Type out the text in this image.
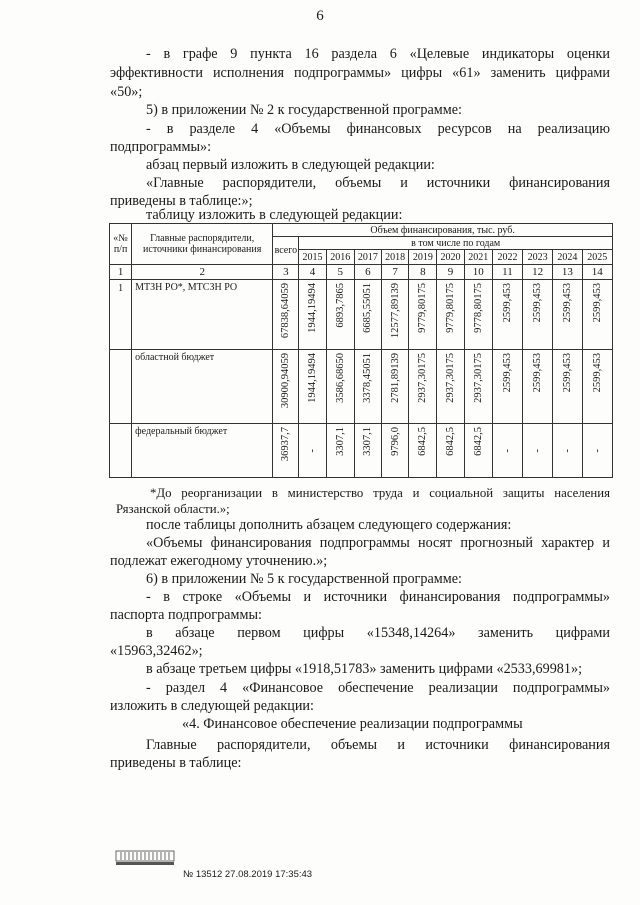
6
- в графе 9 пункта 16 раздела 6 «Целевые индикаторы оценки
эффективности исполнения подпрограммы» цифры «61» заменить цифрами
«50»;
5) в приложении № 2 к государственной программе:
- в разделе 4 «Объемы финансовых ресурсов на реализацию
подпрограммы»:
абзац первый изложить в следующей редакции:
«Главные распорядители, объемы и источники финансирования
приведены в таблице:»;
таблицу изложить в следующей редакции:
«№ п/п	Главные распорядители, источники финансирования	Объем финансирования, тыс. руб.											
		всего	в том числе по годам										
			2015	2016	2017	2018	2019	2020	2021	2022	2023	2024	2025
1	2	3	4	5	6	7	8	9	10	11	12	13	14
1	МТЗН РО*, МТСЗН РО	67838,64059	1944,19494	6893,7865	6685,55051	12577,89139	9779,80175	9779,80175	9778,80175	2599,453	2599,453	2599,453	2599,453

	областной бюджет	30900,94059	1944,19494	3586,68650	3378,45051	2781,89139	2937,30175	2937,30175	2937,30175	2599,453	2599,453	2599,453	2599,453

	федеральный бюджет	36937,7	-	3307,1	3307,1	9796,0	6842,5	6842,5	6842,5	-	-	-	-
*До реорганизации в министерство труда и социальной защиты населения
Рязанской области.»;
после таблицы дополнить абзацем следующего содержания:
«Объемы финансирования подпрограммы носят прогнозный характер и
подлежат ежегодному уточнению.»;
6) в приложении № 5 к государственной программе:
- в строке «Объемы и источники финансирования подпрограммы»
паспорта подпрограммы:
в абзаце первом цифры «15348,14264» заменить цифрами
«15963,32462»;
в абзаце третьем цифры «1918,51783» заменить цифрами «2533,69981»;
- раздел 4 «Финансовое обеспечение реализации подпрограммы»
изложить в следующей редакции:
«4. Финансовое обеспечение реализации подпрограммы
Главные распорядители, объемы и источники финансирования
приведены в таблице:
№ 13512 27.08.2019 17:35:43
